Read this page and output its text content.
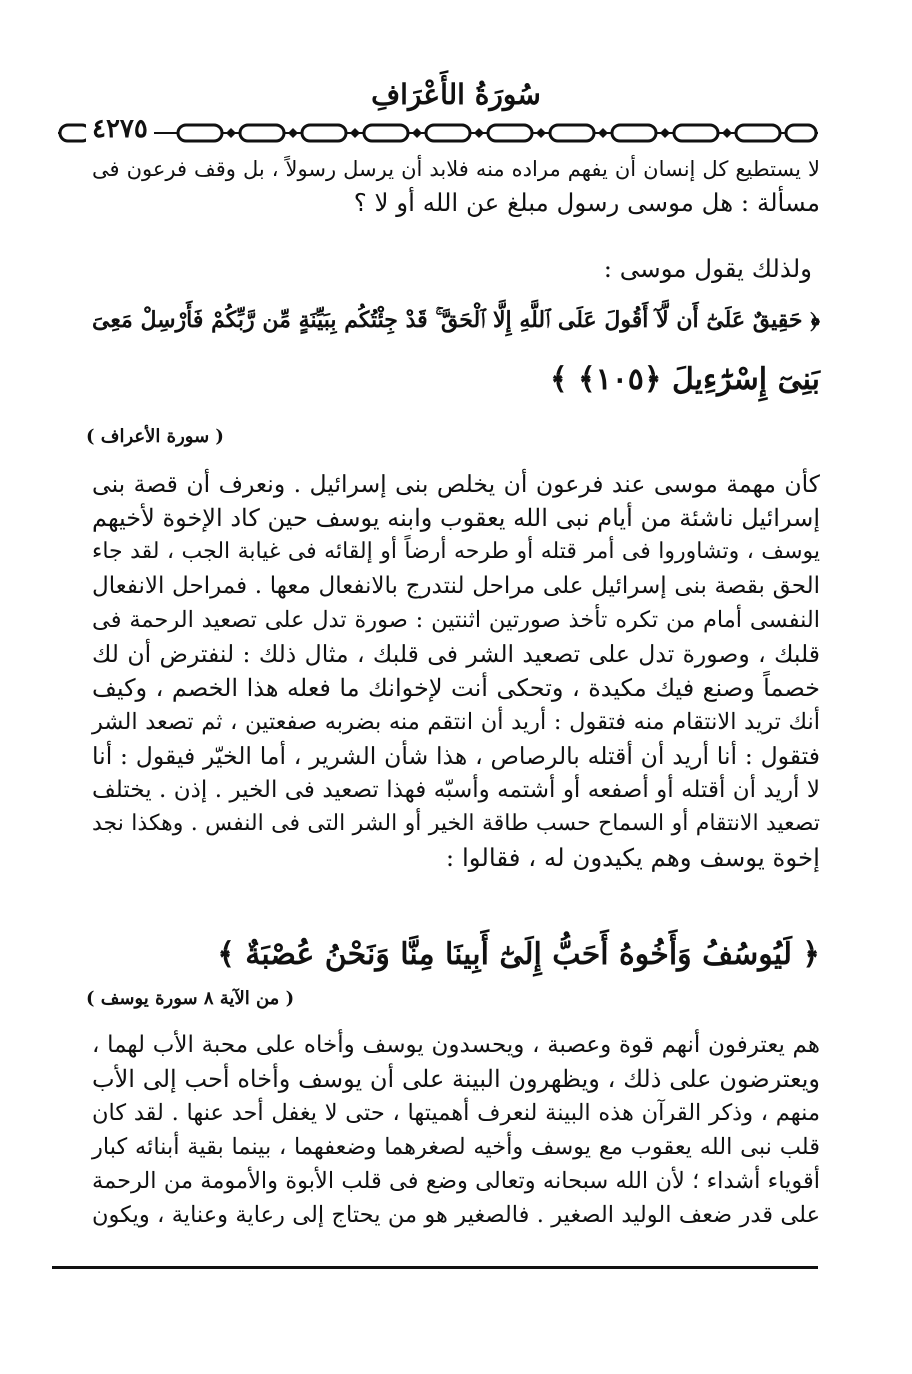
سُورَةُ الأَعْرَافِ
٤٢٧٥
لا يستطيع كل إنسان أن يفهم مراده منه فلابد أن يرسل رسولاً ، بل وقف فرعون فى
مسألة : هل موسى رسول مبلغ عن الله أو لا ؟
ولذلك يقول موسى :
﴿ حَقِيقٌ عَلَىٰٓ أَن لَّآ أَقُولَ عَلَى ٱللَّهِ إِلَّا ٱلْحَقَّ ۚ قَدْ جِئْتُكُم بِبَيِّنَةٍ مِّن رَّبِّكُمْ فَأَرْسِلْ مَعِىَ
بَنِىٓ إِسْرَٰٓءِيلَ ﴿١٠٥﴾ ﴾
( سورة الأعراف )
كأن مهمة موسى عند فرعون أن يخلص بنى إسرائيل . ونعرف أن قصة بنى
إسرائيل ناشئة من أيام نبى الله يعقوب وابنه يوسف حين كاد الإخوة لأخيهم
يوسف ، وتشاوروا فى أمر قتله أو طرحه أرضاً أو إلقائه فى غيابة الجب ، لقد جاء
الحق بقصة بنى إسرائيل على مراحل لنتدرج بالانفعال معها . فمراحل الانفعال
النفسى أمام من تكره تأخذ صورتين اثنتين : صورة تدل على تصعيد الرحمة فى
قلبك ، وصورة تدل على تصعيد الشر فى قلبك ، مثال ذلك : لنفترض أن لك
خصماً وصنع فيك مكيدة ، وتحكى أنت لإخوانك ما فعله هذا الخصم ، وكيف
أنك تريد الانتقام منه فتقول : أريد أن انتقم منه بضربه صفعتين ، ثم تصعد الشر
فتقول : أنا أريد أن أقتله بالرصاص ، هذا شأن الشرير ، أما الخيّر فيقول : أنا
لا أريد أن أقتله أو أصفعه أو أشتمه وأسبّه فهذا تصعيد فى الخير . إذن . يختلف
تصعيد الانتقام أو السماح حسب طاقة الخير أو الشر التى فى النفس . وهكذا نجد
إخوة يوسف وهم يكيدون له ، فقالوا :
﴿ لَيُوسُفُ وَأَخُوهُ أَحَبُّ إِلَىٰٓ أَبِينَا مِنَّا وَنَحْنُ عُصْبَةٌ ﴾
( من الآية ٨ سورة يوسف )
هم يعترفون أنهم قوة وعصبة ، ويحسدون يوسف وأخاه على محبة الأب لهما ،
ويعترضون على ذلك ، ويظهرون البينة على أن يوسف وأخاه أحب إلى الأب
منهم ، وذكر القرآن هذه البينة لنعرف أهميتها ، حتى لا يغفل أحد عنها . لقد كان
قلب نبى الله يعقوب مع يوسف وأخيه لصغرهما وضعفهما ، بينما بقية أبنائه كبار
أقوياء أشداء ؛ لأن الله سبحانه وتعالى وضع فى قلب الأبوة والأمومة من الرحمة
على قدر ضعف الوليد الصغير . فالصغير هو من يحتاج إلى رعاية وعناية ، ويكون
